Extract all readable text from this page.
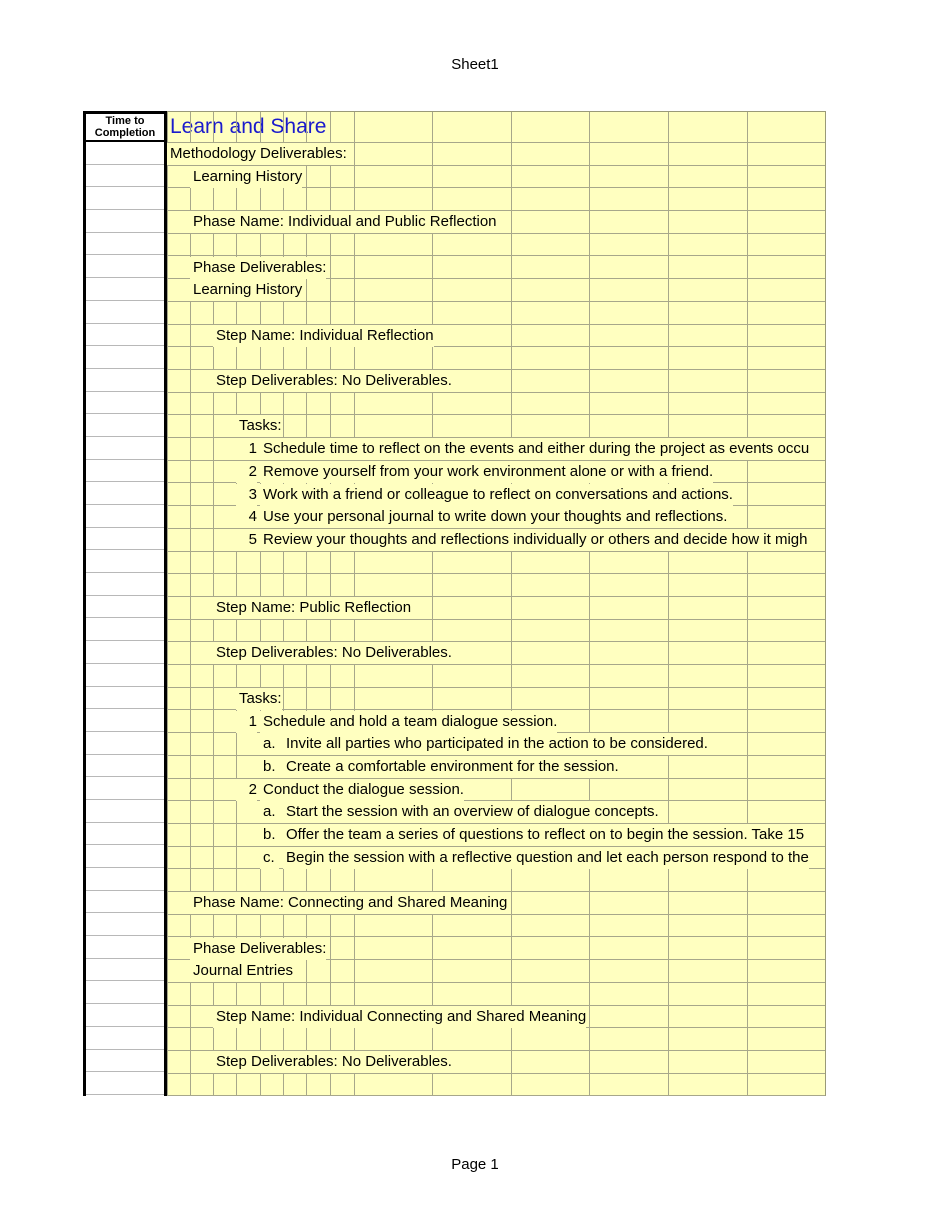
Sheet1
Time to Completion Learn and Share
Methodology Deliverables:
Learning History
Phase Name: Individual and Public Reflection
Phase Deliverables:
Learning History
Step Name: Individual Reflection
Step Deliverables: No Deliverables.
Tasks:
1 Schedule time to reflect on the events and either during the project as events occu
2 Remove yourself from your work environment alone or with a friend.
3 Work with a friend or colleague to reflect on conversations and actions.
4 Use your personal journal to write down your thoughts and reflections.
5 Review your thoughts and reflections individually or others and decide how it migh
Step Name: Public Reflection
Step Deliverables: No Deliverables.
Tasks:
1 Schedule and hold a team dialogue session.
a. Invite all parties who participated in the action to be considered.
b. Create a comfortable environment for the session.
2 Conduct the dialogue session.
a. Start the session with an overview of dialogue concepts.
b. Offer the team a series of questions to reflect on to begin the session. Take 15
c. Begin the session with a reflective question and let each person respond to the
Phase Name: Connecting and Shared Meaning
Phase Deliverables:
Journal Entries
Step Name: Individual Connecting and Shared Meaning
Step Deliverables: No Deliverables.
Page 1
